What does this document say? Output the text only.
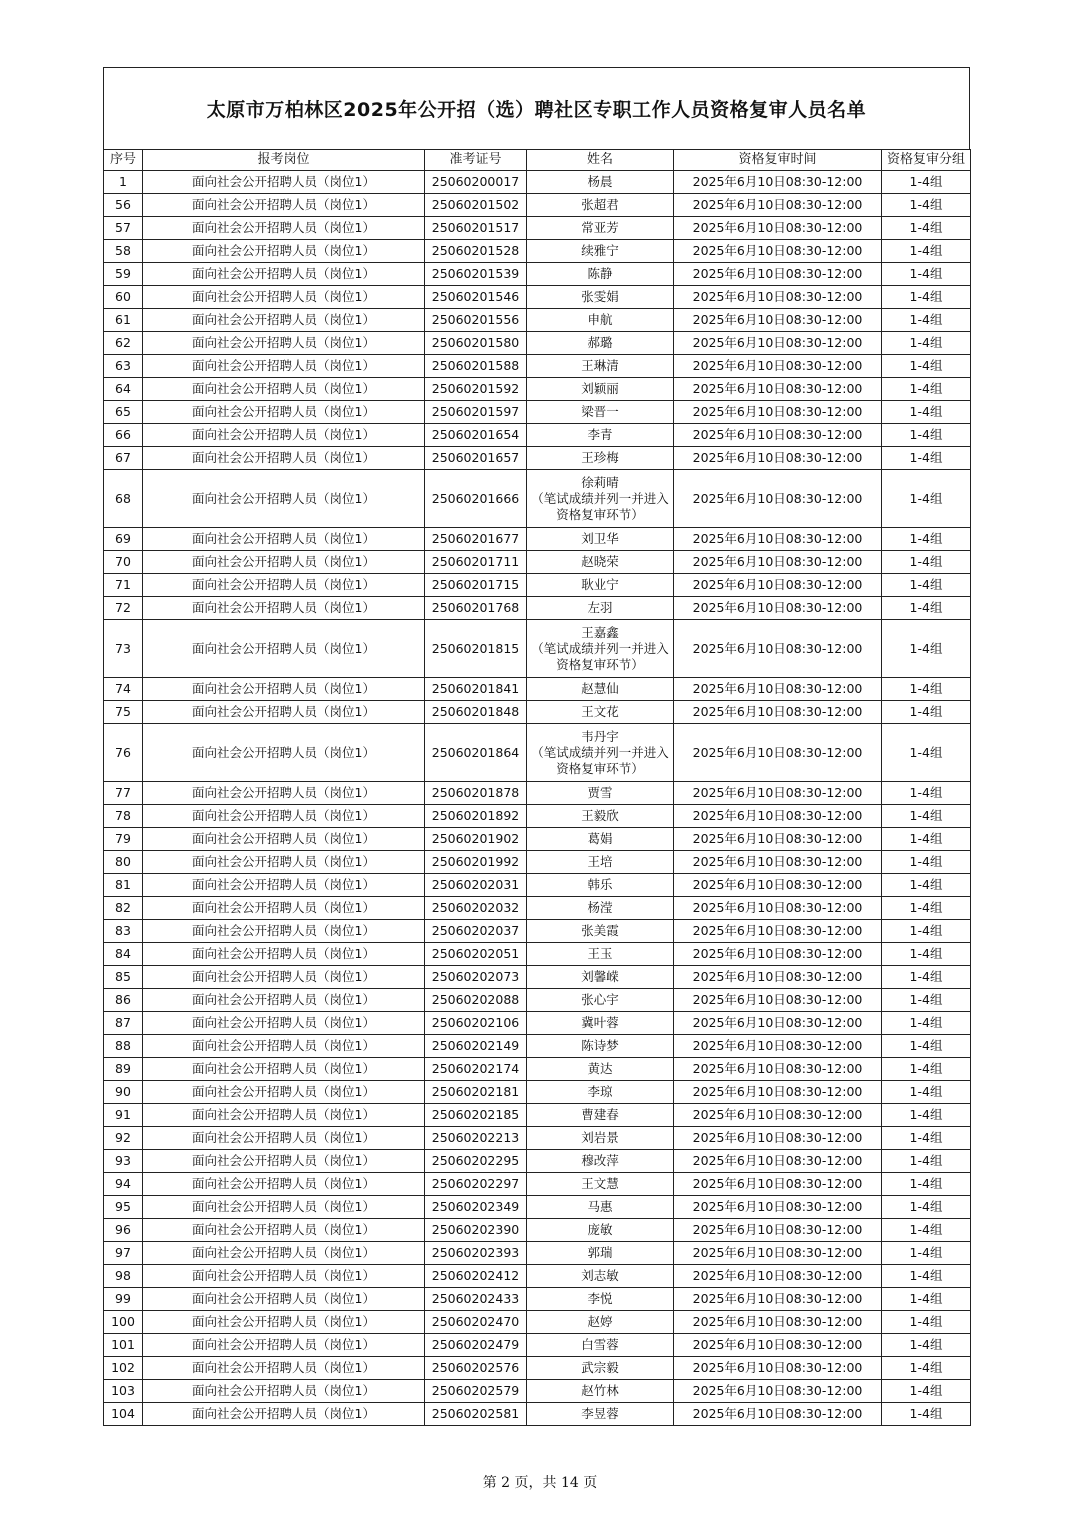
太原市万柏林区2025年公开招（选）聘社区专职工作人员资格复审人员名单
序号	报考岗位	准考证号	姓名	资格复审时间	资格复审分组
1	面向社会公开招聘人员（岗位1）	25060200017	杨晨	2025年6月10日08:30-12:00	1-4组
56	面向社会公开招聘人员（岗位1）	25060201502	张超君	2025年6月10日08:30-12:00	1-4组
57	面向社会公开招聘人员（岗位1）	25060201517	常亚芳	2025年6月10日08:30-12:00	1-4组
58	面向社会公开招聘人员（岗位1）	25060201528	续雅宁	2025年6月10日08:30-12:00	1-4组
59	面向社会公开招聘人员（岗位1）	25060201539	陈静	2025年6月10日08:30-12:00	1-4组
60	面向社会公开招聘人员（岗位1）	25060201546	张雯娟	2025年6月10日08:30-12:00	1-4组
61	面向社会公开招聘人员（岗位1）	25060201556	申航	2025年6月10日08:30-12:00	1-4组
62	面向社会公开招聘人员（岗位1）	25060201580	郝璐	2025年6月10日08:30-12:00	1-4组
63	面向社会公开招聘人员（岗位1）	25060201588	王琳清	2025年6月10日08:30-12:00	1-4组
64	面向社会公开招聘人员（岗位1）	25060201592	刘颖丽	2025年6月10日08:30-12:00	1-4组
65	面向社会公开招聘人员（岗位1）	25060201597	梁晋一	2025年6月10日08:30-12:00	1-4组
66	面向社会公开招聘人员（岗位1）	25060201654	李青	2025年6月10日08:30-12:00	1-4组
67	面向社会公开招聘人员（岗位1）	25060201657	王珍梅	2025年6月10日08:30-12:00	1-4组
68	面向社会公开招聘人员（岗位1）	25060201666	徐莉晴
（笔试成绩并列一并进入
资格复审环节）	2025年6月10日08:30-12:00	1-4组
69	面向社会公开招聘人员（岗位1）	25060201677	刘卫华	2025年6月10日08:30-12:00	1-4组
70	面向社会公开招聘人员（岗位1）	25060201711	赵晓荣	2025年6月10日08:30-12:00	1-4组
71	面向社会公开招聘人员（岗位1）	25060201715	耿业宁	2025年6月10日08:30-12:00	1-4组
72	面向社会公开招聘人员（岗位1）	25060201768	左羽	2025年6月10日08:30-12:00	1-4组
73	面向社会公开招聘人员（岗位1）	25060201815	王嘉鑫
（笔试成绩并列一并进入
资格复审环节）	2025年6月10日08:30-12:00	1-4组
74	面向社会公开招聘人员（岗位1）	25060201841	赵慧仙	2025年6月10日08:30-12:00	1-4组
75	面向社会公开招聘人员（岗位1）	25060201848	王文花	2025年6月10日08:30-12:00	1-4组
76	面向社会公开招聘人员（岗位1）	25060201864	韦丹宇
（笔试成绩并列一并进入
资格复审环节）	2025年6月10日08:30-12:00	1-4组
77	面向社会公开招聘人员（岗位1）	25060201878	贾雪	2025年6月10日08:30-12:00	1-4组
78	面向社会公开招聘人员（岗位1）	25060201892	王毅欣	2025年6月10日08:30-12:00	1-4组
79	面向社会公开招聘人员（岗位1）	25060201902	葛娟	2025年6月10日08:30-12:00	1-4组
80	面向社会公开招聘人员（岗位1）	25060201992	王培	2025年6月10日08:30-12:00	1-4组
81	面向社会公开招聘人员（岗位1）	25060202031	韩乐	2025年6月10日08:30-12:00	1-4组
82	面向社会公开招聘人员（岗位1）	25060202032	杨滢	2025年6月10日08:30-12:00	1-4组
83	面向社会公开招聘人员（岗位1）	25060202037	张美霞	2025年6月10日08:30-12:00	1-4组
84	面向社会公开招聘人员（岗位1）	25060202051	王玉	2025年6月10日08:30-12:00	1-4组
85	面向社会公开招聘人员（岗位1）	25060202073	刘馨嵘	2025年6月10日08:30-12:00	1-4组
86	面向社会公开招聘人员（岗位1）	25060202088	张心宇	2025年6月10日08:30-12:00	1-4组
87	面向社会公开招聘人员（岗位1）	25060202106	冀叶蓉	2025年6月10日08:30-12:00	1-4组
88	面向社会公开招聘人员（岗位1）	25060202149	陈诗梦	2025年6月10日08:30-12:00	1-4组
89	面向社会公开招聘人员（岗位1）	25060202174	黄达	2025年6月10日08:30-12:00	1-4组
90	面向社会公开招聘人员（岗位1）	25060202181	李琼	2025年6月10日08:30-12:00	1-4组
91	面向社会公开招聘人员（岗位1）	25060202185	曹建春	2025年6月10日08:30-12:00	1-4组
92	面向社会公开招聘人员（岗位1）	25060202213	刘岩景	2025年6月10日08:30-12:00	1-4组
93	面向社会公开招聘人员（岗位1）	25060202295	穆改萍	2025年6月10日08:30-12:00	1-4组
94	面向社会公开招聘人员（岗位1）	25060202297	王文慧	2025年6月10日08:30-12:00	1-4组
95	面向社会公开招聘人员（岗位1）	25060202349	马惠	2025年6月10日08:30-12:00	1-4组
96	面向社会公开招聘人员（岗位1）	25060202390	庞敏	2025年6月10日08:30-12:00	1-4组
97	面向社会公开招聘人员（岗位1）	25060202393	郭瑞	2025年6月10日08:30-12:00	1-4组
98	面向社会公开招聘人员（岗位1）	25060202412	刘志敏	2025年6月10日08:30-12:00	1-4组
99	面向社会公开招聘人员（岗位1）	25060202433	李悦	2025年6月10日08:30-12:00	1-4组
100	面向社会公开招聘人员（岗位1）	25060202470	赵婷	2025年6月10日08:30-12:00	1-4组
101	面向社会公开招聘人员（岗位1）	25060202479	白雪蓉	2025年6月10日08:30-12:00	1-4组
102	面向社会公开招聘人员（岗位1）	25060202576	武宗毅	2025年6月10日08:30-12:00	1-4组
103	面向社会公开招聘人员（岗位1）	25060202579	赵竹林	2025年6月10日08:30-12:00	1-4组
104	面向社会公开招聘人员（岗位1）	25060202581	李昱蓉	2025年6月10日08:30-12:00	1-4组
第 2 页，共 14 页
